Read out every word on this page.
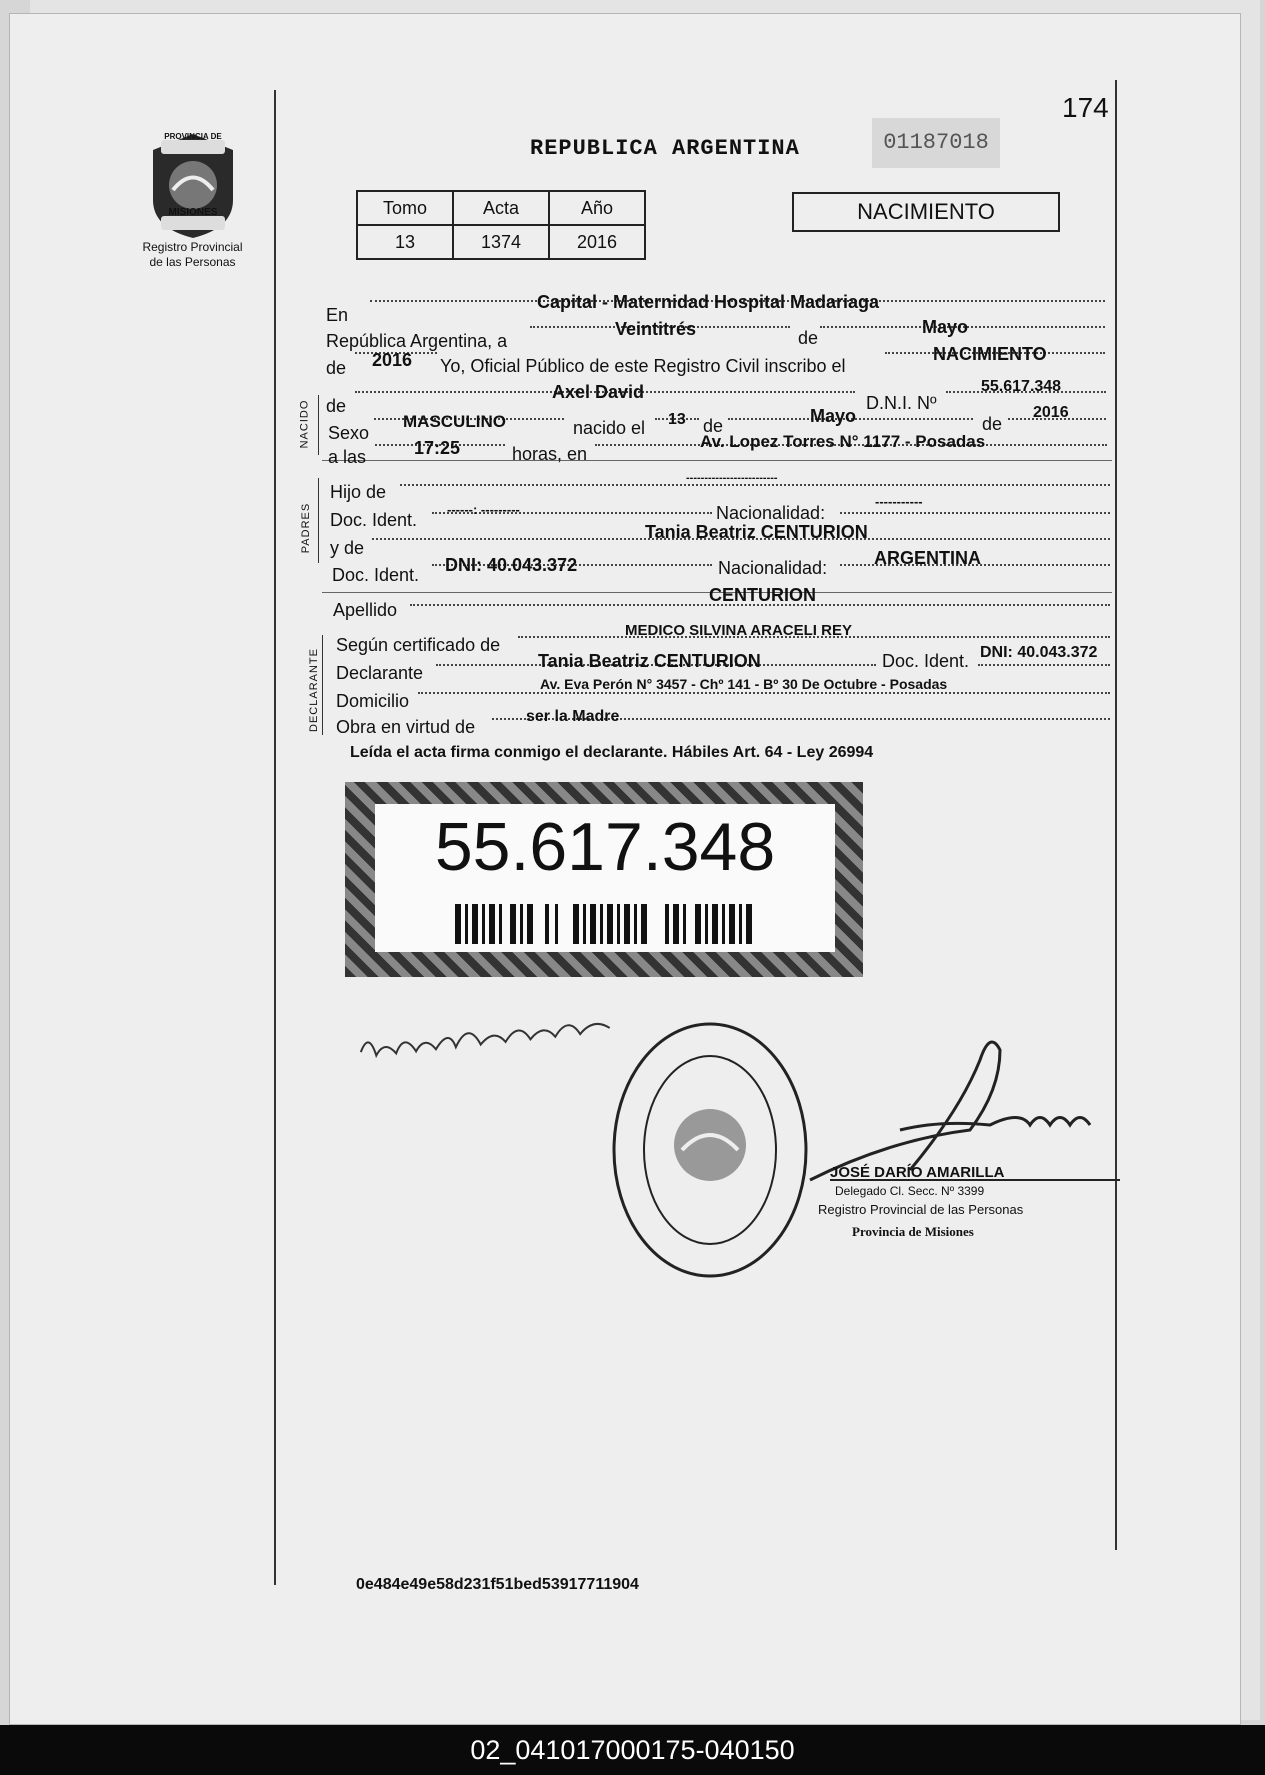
174
PROVINCIA DE
MISIONES
Registro Provincial
de las Personas
REPUBLICA ARGENTINA	01187018
Tomo	Acta	Año
13	1374	2016
NACIMIENTO
NACIDO
PADRES
DECLARANTE
En
Capital - Maternidad Hospital Madariaga
República Argentina, a
Veintitrés	de
Mayo
de 2016 Yo, Oficial Público de este Registro Civil inscribo el
NACIMIENTO
de
Axel David
D.N.I. Nº
55.617.348
Sexo
MASCULINO	nacido el 13 de	Mayo	de
2016
a las	17:25	horas, en
Av. Lopez Torres N° 1177 - Posadas
Hijo de
-------------------------
Doc. Ident.
------: ---------	Nacionalidad:
-----------
y de
Tania Beatriz CENTURION
Doc. Ident. DNI: 40.043.372	Nacionalidad:	ARGENTINA
Apellido
CENTURION
Según certificado de
MEDICO SILVINA ARACELI REY
Declarante
Tania Beatriz CENTURION	Doc. Ident. DNI: 40.043.372
Domicilio
Av. Eva Perón N° 3457 - Chº 141 - Bº 30 De Octubre - Posadas
Obra en virtud de
ser la Madre
Leída el acta firma conmigo el declarante. Hábiles Art. 64 - Ley 26994
55.617.348
JOSÉ DARÍO AMARILLA
Delegado Cl. Secc. Nº 3399
Registro Provincial de las Personas
Provincia de Misiones
0e484e49e58d231f51bed53917711904
02_041017000175-040150
